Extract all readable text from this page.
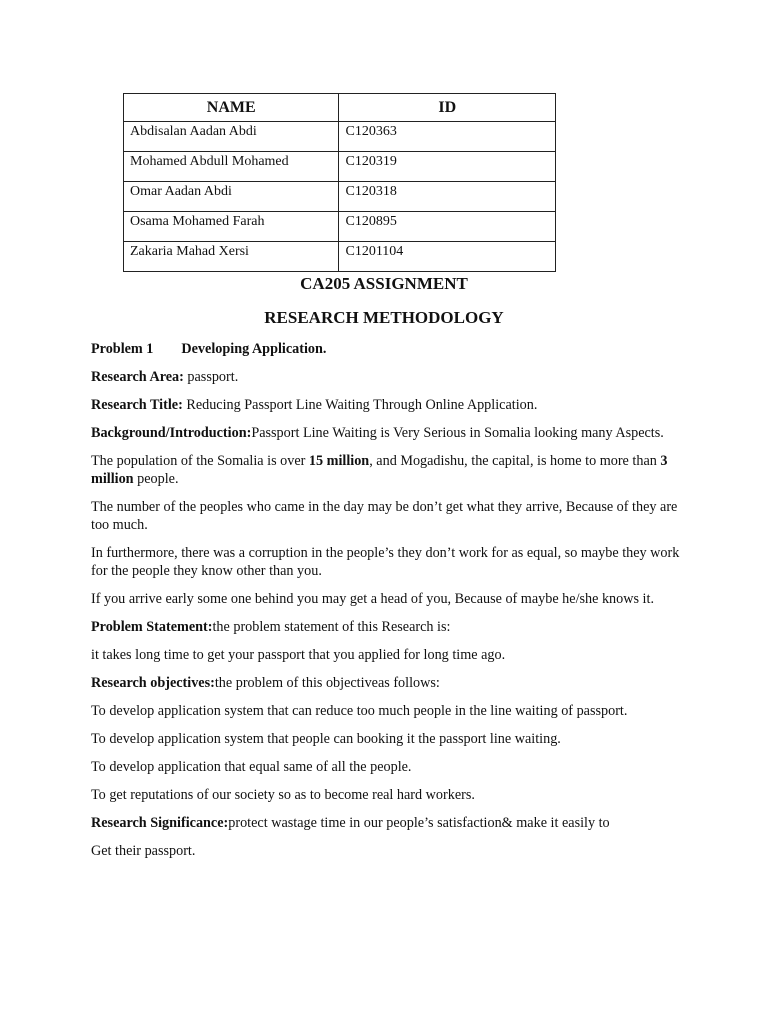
NAME	ID
Abdisalan Aadan Abdi	C120363
Mohamed Abdull Mohamed	C120319
Omar Aadan Abdi	C120318
Osama Mohamed Farah	C120895
Zakaria Mahad Xersi	C1201104
CA205 ASSIGNMENT
RESEARCH METHODOLOGY

Problem 1 Developing Application.

Research Area: passport.

Research Title: Reducing Passport Line Waiting Through Online Application.

Background/Introduction:Passport Line Waiting is Very Serious in Somalia looking many Aspects.

The population of the Somalia is over 15 million, and Mogadishu, the capital, is home to more than 3 million people.

The number of the peoples who came in the day may be don’t get what they arrive, Because of they are too much.

In furthermore, there was a corruption in the people’s they don’t work for as equal, so maybe they work for the people they know other than you.

If you arrive early some one behind you may get a head of you, Because of maybe he/she knows it.

Problem Statement:the problem statement of this Research is:

it takes long time to get your passport that you applied for long time ago.

Research objectives:the problem of this objectiveas follows:

To develop application system that can reduce too much people in the line waiting of passport.

To develop application system that people can booking it the passport line waiting.

To develop application that equal same of all the people.

To get reputations of our society so as to become real hard workers.

Research Significance:protect wastage time in our people’s satisfaction& make it easily to

Get their passport.
